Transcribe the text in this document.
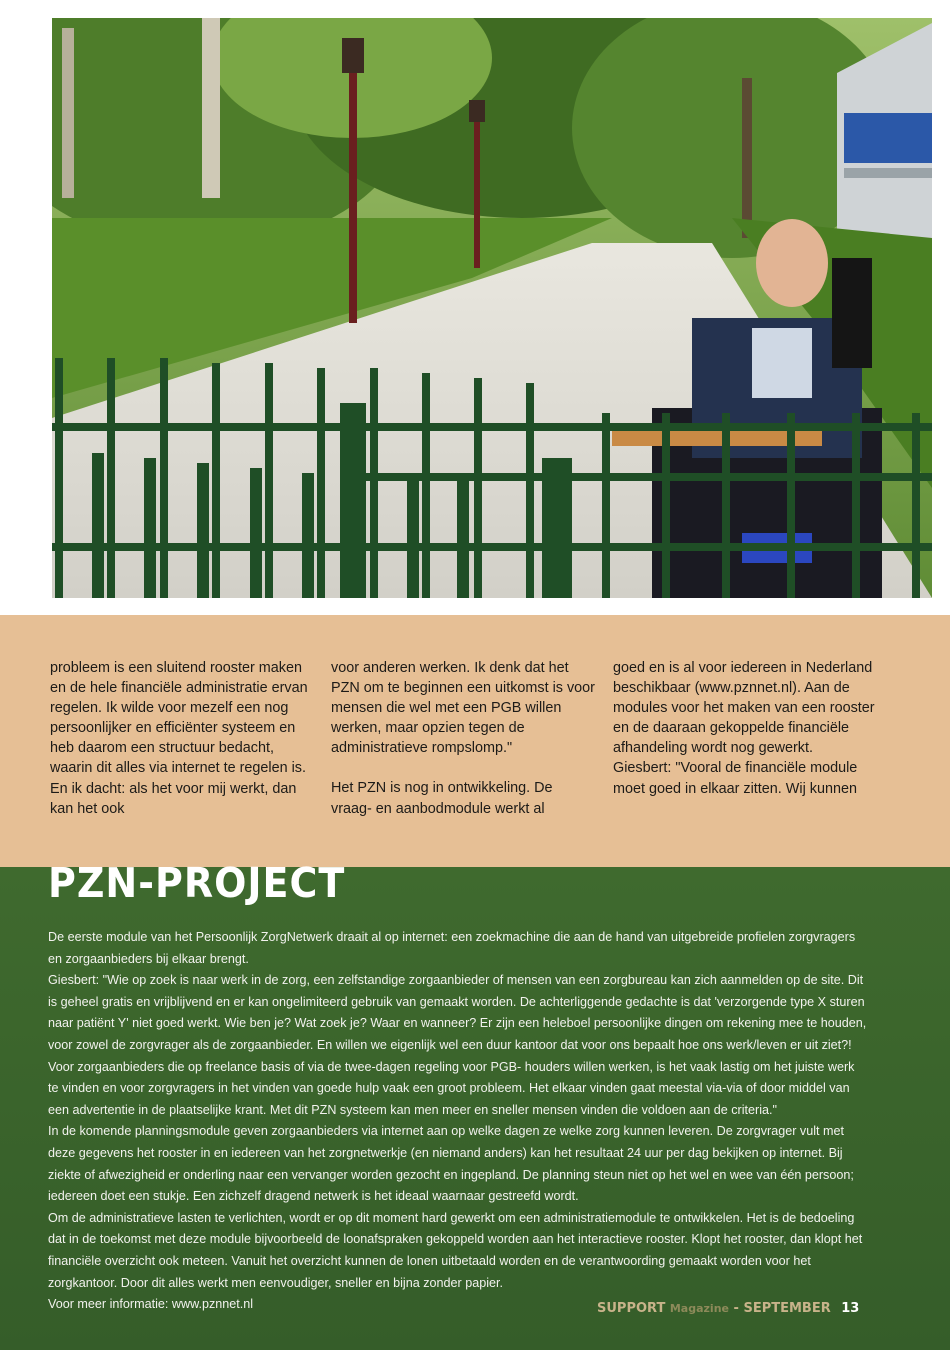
probleem is een sluitend rooster maken en de hele financiële administratie ervan regelen. Ik wilde voor mezelf een nog persoonlijker en efficiënter systeem en heb daarom een structuur bedacht, waarin dit alles via internet te regelen is. En ik dacht: als het voor mij werkt, dan kan het ook

voor anderen werken. Ik denk dat het PZN om te beginnen een uitkomst is voor mensen die wel met een PGB willen werken, maar opzien tegen de administratieve rompslomp."

Het PZN is nog in ontwikkeling. De vraag- en aanbodmodule werkt al

goed en is al voor iedereen in Nederland beschikbaar (www.pznnet.nl). Aan de modules voor het maken van een rooster en de daaraan gekoppelde financiële afhandeling wordt nog gewerkt.

Giesbert: "Vooral de financiële module moet goed in elkaar zitten. Wij kunnen

PZN-PROJECT

De eerste module van het Persoonlijk ZorgNetwerk draait al op internet: een zoekmachine die aan de hand van uitgebreide profielen zorgvragers en zorgaanbieders bij elkaar brengt.

Giesbert: "Wie op zoek is naar werk in de zorg, een zelfstandige zorgaanbieder of mensen van een zorgbureau kan zich aanmelden op de site. Dit is geheel gratis en vrijblijvend en er kan ongelimiteerd gebruik van gemaakt worden. De achterliggende gedachte is dat 'verzorgende type X sturen naar patiënt Y' niet goed werkt. Wie ben je? Wat zoek je? Waar en wanneer? Er zijn een heleboel persoonlijke dingen om rekening mee te houden, voor zowel de zorgvrager als de zorgaanbieder. En willen we eigenlijk wel een duur kantoor dat voor ons bepaalt hoe ons werk/leven er uit ziet?! Voor zorgaanbieders die op freelance basis of via de twee-dagen regeling voor PGB- houders willen werken, is het vaak lastig om het juiste werk te vinden en voor zorgvragers in het vinden van goede hulp vaak een groot probleem. Het elkaar vinden gaat meestal via-via of door middel van een advertentie in de plaatselijke krant. Met dit PZN systeem kan men meer en sneller mensen vinden die voldoen aan de criteria."

In de komende planningsmodule geven zorgaanbieders via internet aan op welke dagen ze welke zorg kunnen leveren. De zorgvrager vult met deze gegevens het rooster in en iedereen van het zorgnetwerkje (en niemand anders) kan het resultaat 24 uur per dag bekijken op internet. Bij ziekte of afwezigheid er onderling naar een vervanger worden gezocht en ingepland. De planning steun niet op het wel en wee van één persoon; iedereen doet een stukje. Een zichzelf dragend netwerk is het ideaal waarnaar gestreefd wordt.

Om de administratieve lasten te verlichten, wordt er op dit moment hard gewerkt om een administratiemodule te ontwikkelen. Het is de bedoeling dat in de toekomst met deze module bijvoorbeeld de loonafspraken gekoppeld worden aan het interactieve rooster. Klopt het rooster, dan klopt het financiële overzicht ook meteen. Vanuit het overzicht kunnen de lonen uitbetaald worden en de verantwoording gemaakt worden voor het zorgkantoor. Door dit alles werkt men eenvoudiger, sneller en bijna zonder papier.

Voor meer informatie: www.pznnet.nl	SUPPORT Magazine - SEPTEMBER 13
